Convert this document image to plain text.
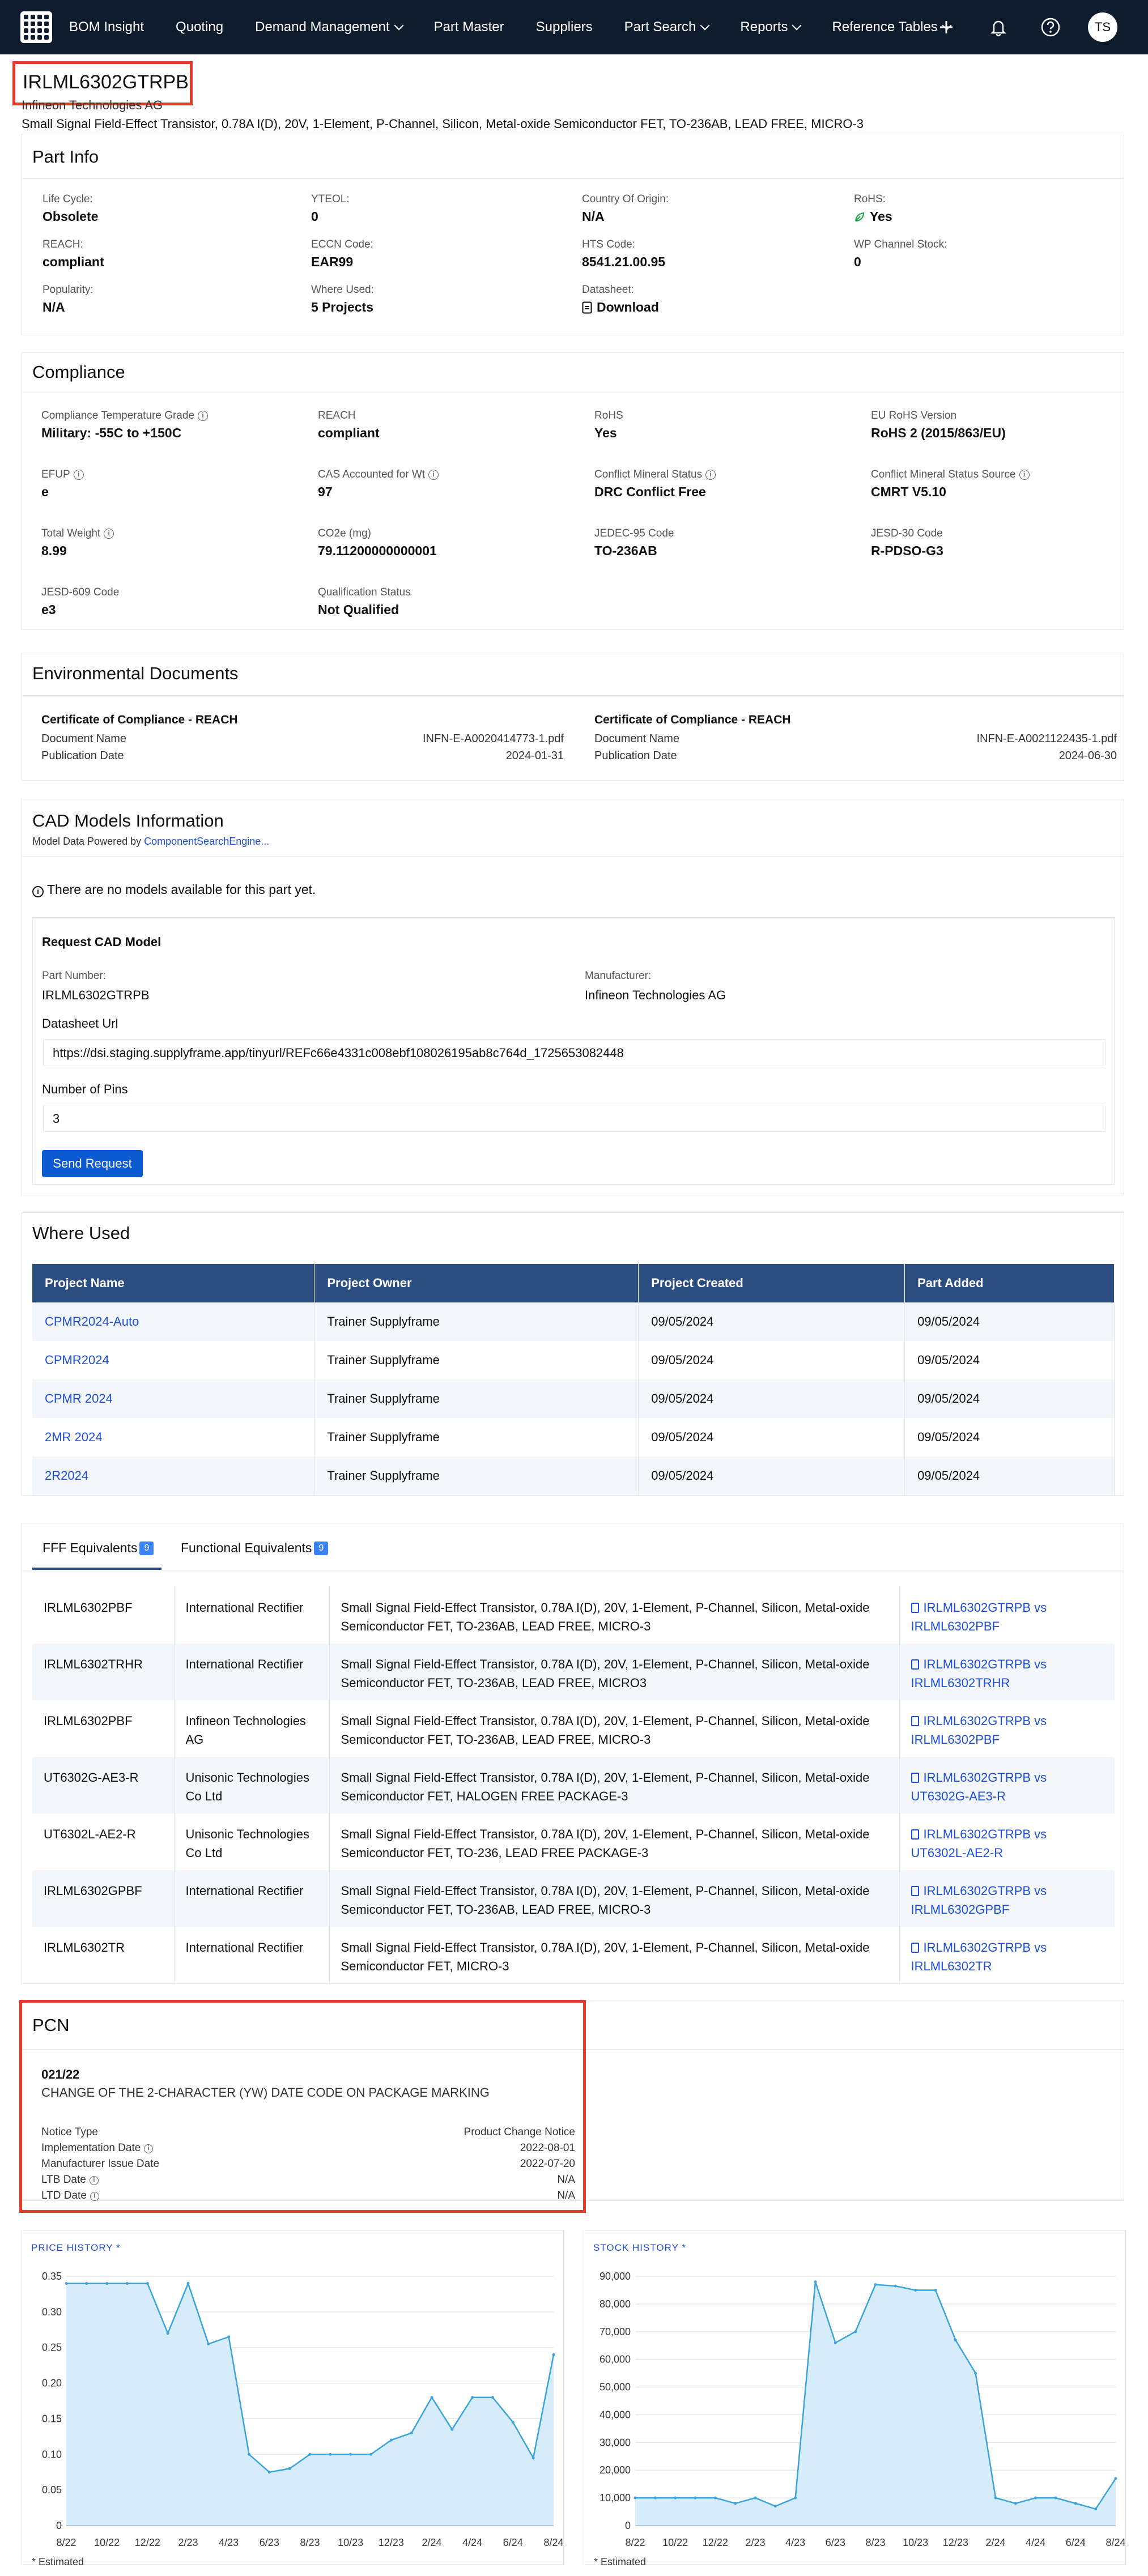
BOM Insight Quoting Demand Management	Part Master Suppliers Part Search	Reports	Reference Tables	TS
IRLML6302GTRPB
Infineon Technologies AG
Small Signal Field-Effect Transistor, 0.78A I(D), 20V, 1-Element, P-Channel, Silicon, Metal-oxide Semiconductor FET, TO-236AB, LEAD FREE, MICRO-3
Part Info
Life Cycle:
Obsolete
YTEOL:
0
Country Of Origin:
N/A
RoHS:
Yes
REACH:
compliant
ECCN Code:
EAR99
HTS Code:
8541.21.00.95
WP Channel Stock:
0
Popularity:
N/A
Where Used:
5 Projects
Datasheet:
Download
Compliance
Compliance Temperature Grade i
Military: -55C to +150C
REACH
compliant
RoHS
Yes
EU RoHS Version
RoHS 2 (2015/863/EU)
EFUP i
e
CAS Accounted for Wt i
97
Conflict Mineral Status i
DRC Conflict Free
Conflict Mineral Status Source i
CMRT V5.10
Total Weight i
8.99
CO2e (mg)
79.11200000000001
JEDEC-95 Code
TO-236AB
JESD-30 Code
R-PDSO-G3
JESD-609 Code
e3
Qualification Status
Not Qualified
Environmental Documents
Certificate of Compliance - REACH
Document Name	INFN-E-A0020414773-1.pdf
Publication Date	2024-01-31
Certificate of Compliance - REACH
Document Name	INFN-E-A0021122435-1.pdf
Publication Date	2024-06-30
CAD Models Information
Model Data Powered by ComponentSearchEngine...
i There are no models available for this part yet.
Request CAD Model
Part Number:
IRLML6302GTRPB
Manufacturer:
Infineon Technologies AG
Datasheet Url
https://dsi.staging.supplyframe.app/tinyurl/REFc66e4331c008ebf108026195ab8c764d_1725653082448
Number of Pins
3
Send Request
Where Used
Project Name	Project Owner	Project Created	Part Added
CPMR2024-Auto	Trainer Supplyframe	09/05/2024	09/05/2024
CPMR2024	Trainer Supplyframe	09/05/2024	09/05/2024
CPMR 2024	Trainer Supplyframe	09/05/2024	09/05/2024
2MR 2024	Trainer Supplyframe	09/05/2024	09/05/2024
2R2024	Trainer Supplyframe	09/05/2024	09/05/2024
FFF Equivalents 9	Functional Equivalents 9
IRLML6302PBF	International Rectifier	Small Signal Field-Effect Transistor, 0.78A I(D), 20V, 1-Element, P-Channel, Silicon, Metal-oxide Semiconductor FET, TO-236AB, LEAD FREE, MICRO-3	IRLML6302GTRPB vs IRLML6302PBF
IRLML6302TRHR	International Rectifier	Small Signal Field-Effect Transistor, 0.78A I(D), 20V, 1-Element, P-Channel, Silicon, Metal-oxide Semiconductor FET, TO-236AB, LEAD FREE, MICRO3	IRLML6302GTRPB vs IRLML6302TRHR
IRLML6302PBF	Infineon Technologies AG	Small Signal Field-Effect Transistor, 0.78A I(D), 20V, 1-Element, P-Channel, Silicon, Metal-oxide Semiconductor FET, TO-236AB, LEAD FREE, MICRO-3	IRLML6302GTRPB vs IRLML6302PBF
UT6302G-AE3-R	Unisonic Technologies Co Ltd	Small Signal Field-Effect Transistor, 0.78A I(D), 20V, 1-Element, P-Channel, Silicon, Metal-oxide Semiconductor FET, HALOGEN FREE PACKAGE-3	IRLML6302GTRPB vs UT6302G-AE3-R
UT6302L-AE2-R	Unisonic Technologies Co Ltd	Small Signal Field-Effect Transistor, 0.78A I(D), 20V, 1-Element, P-Channel, Silicon, Metal-oxide Semiconductor FET, TO-236, LEAD FREE PACKAGE-3	IRLML6302GTRPB vs UT6302L-AE2-R
IRLML6302GPBF	International Rectifier	Small Signal Field-Effect Transistor, 0.78A I(D), 20V, 1-Element, P-Channel, Silicon, Metal-oxide Semiconductor FET, TO-236AB, LEAD FREE, MICRO-3	IRLML6302GTRPB vs IRLML6302GPBF
IRLML6302TR	International Rectifier	Small Signal Field-Effect Transistor, 0.78A I(D), 20V, 1-Element, P-Channel, Silicon, Metal-oxide Semiconductor FET, MICRO-3	IRLML6302GTRPB vs IRLML6302TR
PCN
021/22
CHANGE OF THE 2-CHARACTER (YW) DATE CODE ON PACKAGE MARKING
Notice Type	Product Change Notice
Implementation Date i	2022-08-01
Manufacturer Issue Date	2022-07-20
LTB Date i	N/A
LTD Date i	N/A
PRICE HISTORY *
0
0.05
0.10
0.15
0.20
0.25
0.30
0.35
8/22 10/22 12/22 2/23 4/23 6/23 8/23 10/23 12/23 2/24 4/24 6/24 8/24
STOCK HISTORY *
0
10,000
20,000
30,000
40,000
50,000
60,000
70,000
80,000
90,000
8/22 10/22 12/22 2/23 4/23 6/23 8/23 10/23 12/23 2/24 4/24 6/24 8/24
* Estimated	* Estimated
